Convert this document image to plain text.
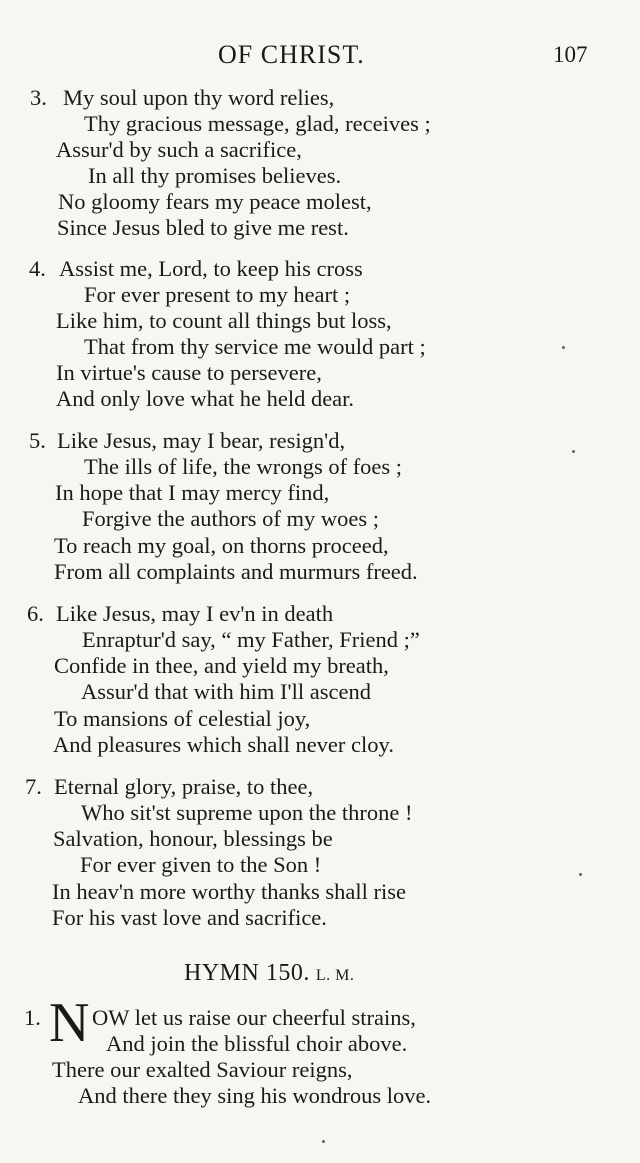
OF CHRIST.	107
3. My soul upon thy word relies,
Thy gracious message, glad, receives ;
Assur'd by such a sacrifice,
In all thy promises believes.
No gloomy fears my peace molest,
Since Jesus bled to give me rest.
4. Assist me, Lord, to keep his cross
For ever present to my heart ;
Like him, to count all things but loss,
That from thy service me would part ;
In virtue's cause to persevere,
And only love what he held dear.
5. Like Jesus, may I bear, resign'd,
The ills of life, the wrongs of foes ;
In hope that I may mercy find,
Forgive the authors of my woes ;
To reach my goal, on thorns proceed,
From all complaints and murmurs freed.
6. Like Jesus, may I ev'n in death
Enraptur'd say, “ my Father, Friend ;”
Confide in thee, and yield my breath,
Assur'd that with him I'll ascend
To mansions of celestial joy,
And pleasures which shall never cloy.
7. Eternal glory, praise, to thee,
Who sit'st supreme upon the throne !
Salvation, honour, blessings be
For ever given to the Son !
In heav'n more worthy thanks shall rise
For his vast love and sacrifice.
HYMN 150. L. M.
1. N OW let us raise our cheerful strains,
And join the blissful choir above.
There our exalted Saviour reigns,
And there they sing his wondrous love.
